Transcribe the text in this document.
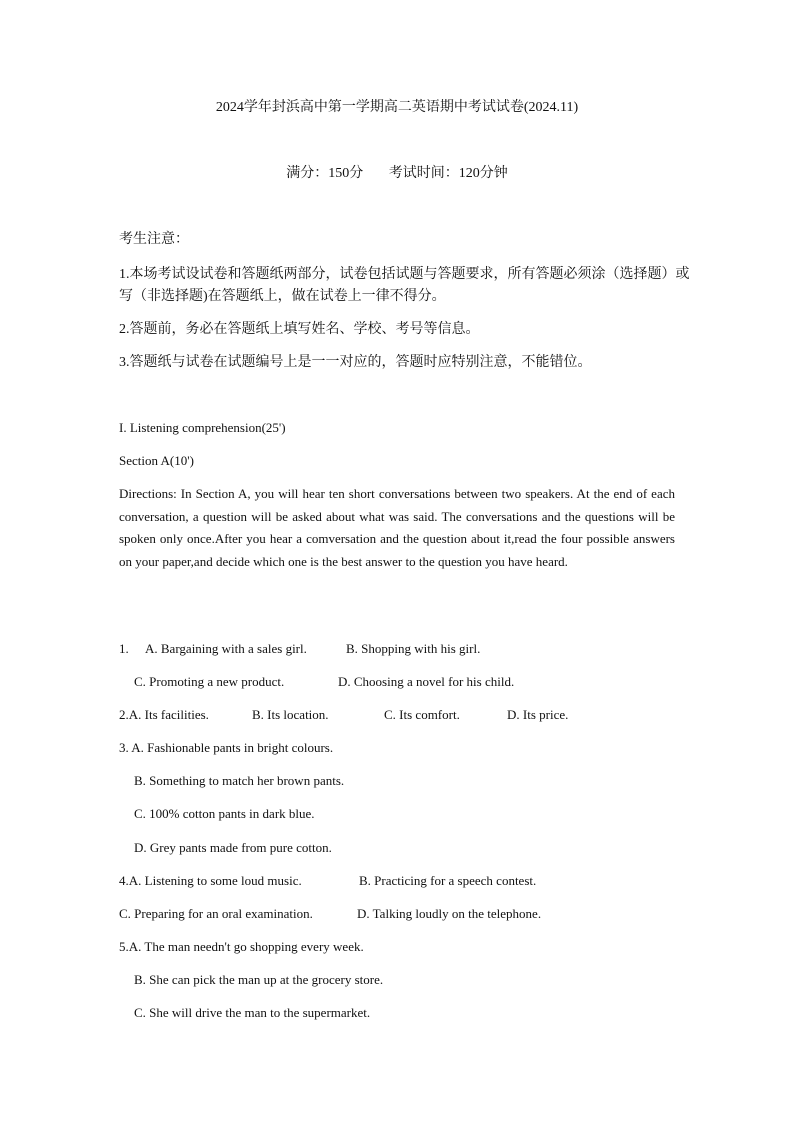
2024学年封浜高中第一学期高二英语期中考试试卷(2024.11)
满分：150分 考试时间：120分钟
考生注意：
1.本场考试设试卷和答题纸两部分，试卷包括试题与答题要求，所有答题必须涂（选择题）或写（非选择题)在答题纸上，做在试卷上一律不得分。
2.答题前，务必在答题纸上填写姓名、学校、考号等信息。
3.答题纸与试卷在试题编号上是一一对应的，答题时应特别注意，不能错位。
I. Listening comprehension(25')
Section A(10')
Directions: In Section A, you will hear ten short conversations between two speakers. At the end of each conversation, a question will be asked about what was said. The conversations and the questions will be spoken only once.After you hear a comversation and the question about it,read the four possible answers on your paper,and decide which one is the best answer to the question you have heard.
1. A. Bargaining with a sales girl.	B. Shopping with his girl.
C. Promoting a new product.	D. Choosing a novel for his child.
2.A. Its facilities.	B. Its location.	C. Its comfort.	D. Its price.
3. A. Fashionable pants in bright colours.
B. Something to match her brown pants.
C. 100% cotton pants in dark blue.
D. Grey pants made from pure cotton.
4.A. Listening to some loud music.	B. Practicing for a speech contest.
C. Preparing for an oral examination.	D. Talking loudly on the telephone.
5.A. The man needn't go shopping every week.
B. She can pick the man up at the grocery store.
C. She will drive the man to the supermarket.
